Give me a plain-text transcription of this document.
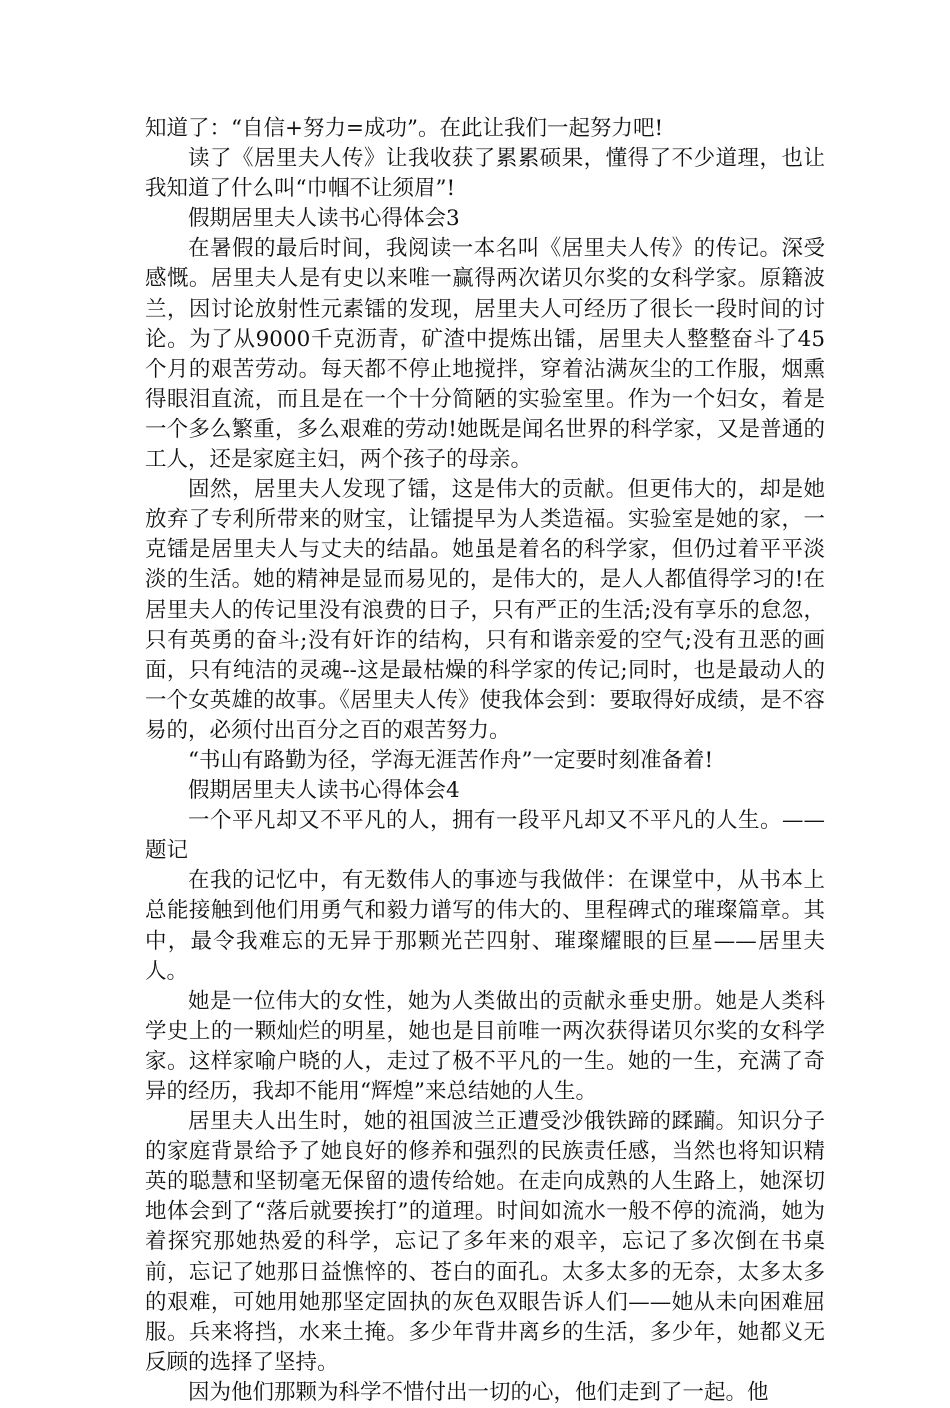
知道了：“自信+努力=成功”。在此让我们一起努力吧!

读了《居里夫人传》让我收获了累累硕果，懂得了不少道理，也让我知道了什么叫“巾帼不让须眉”!

假期居里夫人读书心得体会3

在暑假的最后时间，我阅读一本名叫《居里夫人传》的传记。深受感慨。居里夫人是有史以来唯一赢得两次诺贝尔奖的女科学家。原籍波兰，因讨论放射性元素镭的发现，居里夫人可经历了很长一段时间的讨论。为了从9000千克沥青，矿渣中提炼出镭，居里夫人整整奋斗了45个月的艰苦劳动。每天都不停止地搅拌，穿着沾满灰尘的工作服，烟熏得眼泪直流，而且是在一个十分简陋的实验室里。作为一个妇女，着是一个多么繁重，多么艰难的劳动!她既是闻名世界的科学家，又是普通的工人，还是家庭主妇，两个孩子的母亲。

固然，居里夫人发现了镭，这是伟大的贡献。但更伟大的，却是她放弃了专利所带来的财宝，让镭提早为人类造福。实验室是她的家，一克镭是居里夫人与丈夫的结晶。她虽是着名的科学家，但仍过着平平淡淡的生活。她的精神是显而易见的，是伟大的，是人人都值得学习的!在居里夫人的传记里没有浪费的日子，只有严正的生活;没有享乐的怠忽，只有英勇的奋斗;没有奸诈的结构，只有和谐亲爱的空气;没有丑恶的画面，只有纯洁的灵魂--这是最枯燥的科学家的传记;同时，也是最动人的一个女英雄的故事。《居里夫人传》使我体会到：要取得好成绩，是不容易的，必须付出百分之百的艰苦努力。

“书山有路勤为径，学海无涯苦作舟”一定要时刻准备着!

假期居里夫人读书心得体会4

一个平凡却又不平凡的人，拥有一段平凡却又不平凡的人生。——题记

在我的记忆中，有无数伟人的事迹与我做伴：在课堂中，从书本上总能接触到他们用勇气和毅力谱写的伟大的、里程碑式的璀璨篇章。其中，最令我难忘的无异于那颗光芒四射、璀璨耀眼的巨星——居里夫人。

她是一位伟大的女性，她为人类做出的贡献永垂史册。她是人类科学史上的一颗灿烂的明星，她也是目前唯一两次获得诺贝尔奖的女科学家。这样家喻户晓的人，走过了极不平凡的一生。她的一生，充满了奇异的经历，我却不能用“辉煌”来总结她的人生。

居里夫人出生时，她的祖国波兰正遭受沙俄铁蹄的蹂躏。知识分子的家庭背景给予了她良好的修养和强烈的民族责任感，当然也将知识精英的聪慧和坚韧毫无保留的遗传给她。在走向成熟的人生路上，她深切地体会到了“落后就要挨打”的道理。时间如流水一般不停的流淌，她为着探究那她热爱的科学，忘记了多年来的艰辛，忘记了多次倒在书桌前，忘记了她那日益憔悴的、苍白的面孔。太多太多的无奈，太多太多的艰难，可她用她那坚定固执的灰色双眼告诉人们——她从未向困难屈服。兵来将挡，水来土掩。多少年背井离乡的生活，多少年，她都义无反顾的选择了坚持。

因为他们那颗为科学不惜付出一切的心，他们走到了一起。他
